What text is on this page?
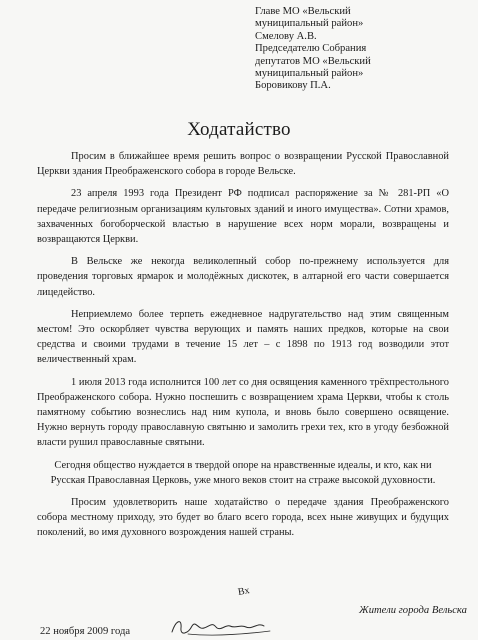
Главе МО «Вельский
муниципальный район»
Смелову А.В.
Председателю Собрания
депутатов МО «Вельский
муниципальный район»
Боровикову П.А.
Ходатайство

Просим в ближайшее время решить вопрос о возвращении Русской Православной Церкви здания Преображенского собора в городе Вельске.

23 апреля 1993 года Президент РФ подписал распоряжение за № 281-РП «О передаче религиозным организациям культовых зданий и иного имущества». Сотни храмов, захваченных богоборческой властью в нарушение всех норм морали, возвращены и возвращаются Церкви.

В Вельске же некогда великолепный собор по-прежнему используется для проведения торговых ярмарок и молодёжных дискотек, в алтарной его части совершается лицедейство.

Неприемлемо более терпеть ежедневное надругательство над этим священным местом! Это оскорбляет чувства верующих и память наших предков, которые на свои средства и своими трудами в течение 15 лет – с 1898 по 1913 год возводили этот величественный храм.

1 июля 2013 года исполнится 100 лет со дня освящения каменного трёхпрестольного Преображенского собора. Нужно поспешить с возвращением храма Церкви, чтобы к столь памятному событию вознеслись над ним купола, и вновь было совершено освящение. Нужно вернуть городу православную святыню и замолить грехи тех, кто в угоду безбожной власти рушил православные святыни.

Сегодня общество нуждается в твердой опоре на нравственные идеалы, и кто, как ни Русская Православная Церковь, уже много веков стоит на страже высокой духовности.

Просим удовлетворить наше ходатайство о передаче здания Преображенского собора местному приходу, это будет во благо всего города, всех ныне живущих и будущих поколений, во имя духовного возрождения нашей страны.

Вх
Жители города Вельска
22 ноября 2009 года
